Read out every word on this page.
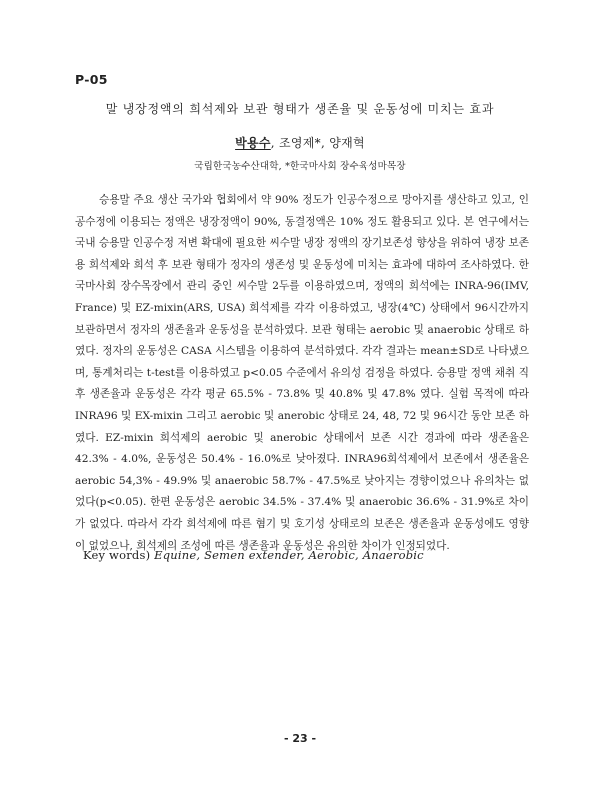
P-05
말 냉장정액의 희석제와 보관 형태가 생존율 및 운동성에 미치는 효과
박용수, 조영제*, 양재혁
국립한국농수산대학, *한국마사회 장수육성마목장

승용말 주요 생산 국가와 협회에서 약 90% 정도가 인공수정으로 망아지를 생산하고 있고, 인공수정에 이용되는 정액은 냉장정액이 90%, 동결정액은 10% 정도 활용되고 있다. 본 연구에서는 국내 승용말 인공수정 저변 확대에 필요한 씨수말 냉장 정액의 장기보존성 향상을 위하여 냉장 보존용 희석제와 희석 후 보관 형태가 정자의 생존성 및 운동성에 미치는 효과에 대하여 조사하였다. 한국마사회 장수목장에서 관리 중인 씨수말 2두를 이용하였으며, 정액의 희석에는 INRA-96(IMV, France) 및 EZ-mixin(ARS, USA) 희석제를 각각 이용하였고, 냉장(4℃) 상태에서 96시간까지 보관하면서 정자의 생존율과 운동성을 분석하였다. 보관 형태는 aerobic 및 anaerobic 상태로 하였다. 정자의 운동성은 CASA 시스템을 이용하여 분석하였다. 각각 결과는 mean±SD로 나타냈으며, 통계처리는 t-test를 이용하였고 p<0.05 수준에서 유의성 검정을 하였다. 승용말 정액 채취 직후 생존율과 운동성은 각각 평균 65.5% - 73.8% 및 40.8% 및 47.8% 였다. 실험 목적에 따라 INRA96 및 EX-mixin 그리고 aerobic 및 anerobic 상태로 24, 48, 72 및 96시간 동안 보존 하였다. EZ-mixin 희석제의 aerobic 및 anerobic 상태에서 보존 시간 경과에 따라 생존율은 42.3% - 4.0%, 운동성은 50.4% - 16.0%로 낮아졌다. INRA96희석제에서 보존에서 생존율은 aerobic 54,3% - 49.9% 및 anaerobic 58.7% - 47.5%로 낮아지는 경향이었으나 유의차는 없었다(p<0.05). 한편 운동성은 aerobic 34.5% - 37.4% 및 anaerobic 36.6% - 31.9%로 차이가 없었다. 따라서 각각 희석제에 따른 혐기 및 호기성 상태로의 보존은 생존율과 운동성에도 영향이 없었으나, 희석제의 조성에 따른 생존율과 운동성은 유의한 차이가 인정되었다.

Key words) Equine, Semen extender, Aerobic, Anaerobic
- 23 -
